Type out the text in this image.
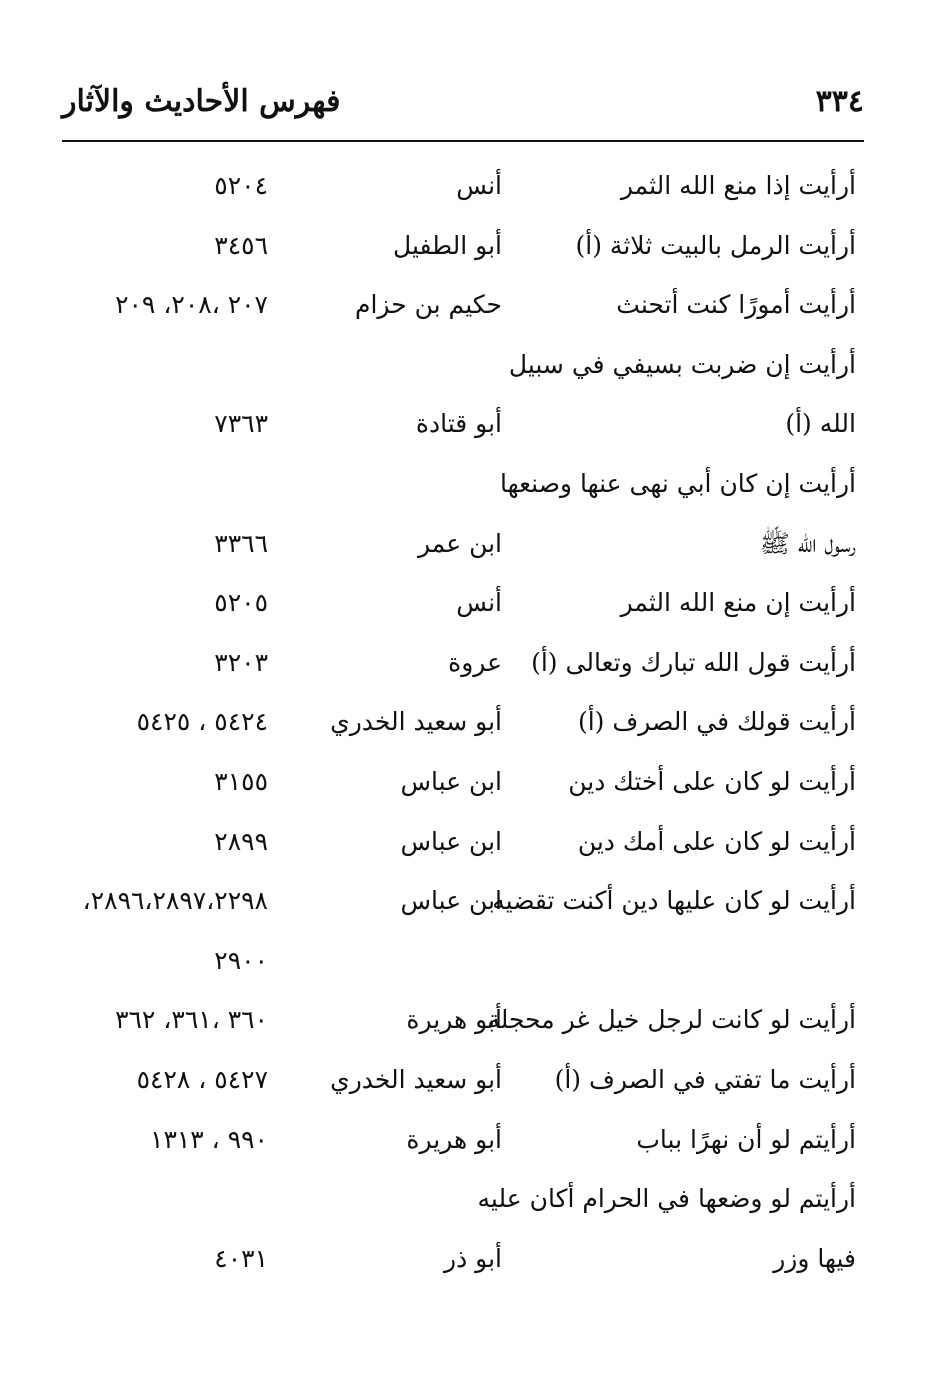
٣٣٤
فهرس الأحاديث والآثار
أرأيت إذا منع الله الثمر
أنس
٥٢٠٤
أرأيت الرمل بالبيت ثلاثة (أ)
أبو الطفيل
٣٤٥٦
أرأيت أمورًا كنت أتحنث
حكيم بن حزام
٢٠٧ ،٢٠٨، ٢٠٩
أرأيت إن ضربت بسيفي في سبيل
الله (أ)
أبو قتادة
٧٣٦٣
أرأيت إن كان أبي نهى عنها وصنعها
رسول الله ﷺ
ابن عمر
٣٣٦٦
أرأيت إن منع الله الثمر
أنس
٥٢٠٥
أرأيت قول الله تبارك وتعالى (أ)
عروة
٣٢٠٣
أرأيت قولك في الصرف (أ)
أبو سعيد الخدري
٥٤٢٤ ، ٥٤٢٥
أرأيت لو كان على أختك دين
ابن عباس
٣١٥٥
أرأيت لو كان على أمك دين
ابن عباس
٢٨٩٩
أرأيت لو كان عليها دين أكنت تقضيه
ابن عباس
٢٨٩٦،٢٨٩٧،٢٢٩٨،
٢٩٠٠
أرأيت لو كانت لرجل خيل غر محجلة
أبو هريرة
٣٦٠ ،٣٦١، ٣٦٢
أرأيت ما تفتي في الصرف (أ)
أبو سعيد الخدري
٥٤٢٧ ، ٥٤٢٨
أرأيتم لو أن نهرًا بباب
أبو هريرة
٩٩٠ ، ١٣١٣
أرأيتم لو وضعها في الحرام أكان عليه
فيها وزر
أبو ذر
٤٠٣١
